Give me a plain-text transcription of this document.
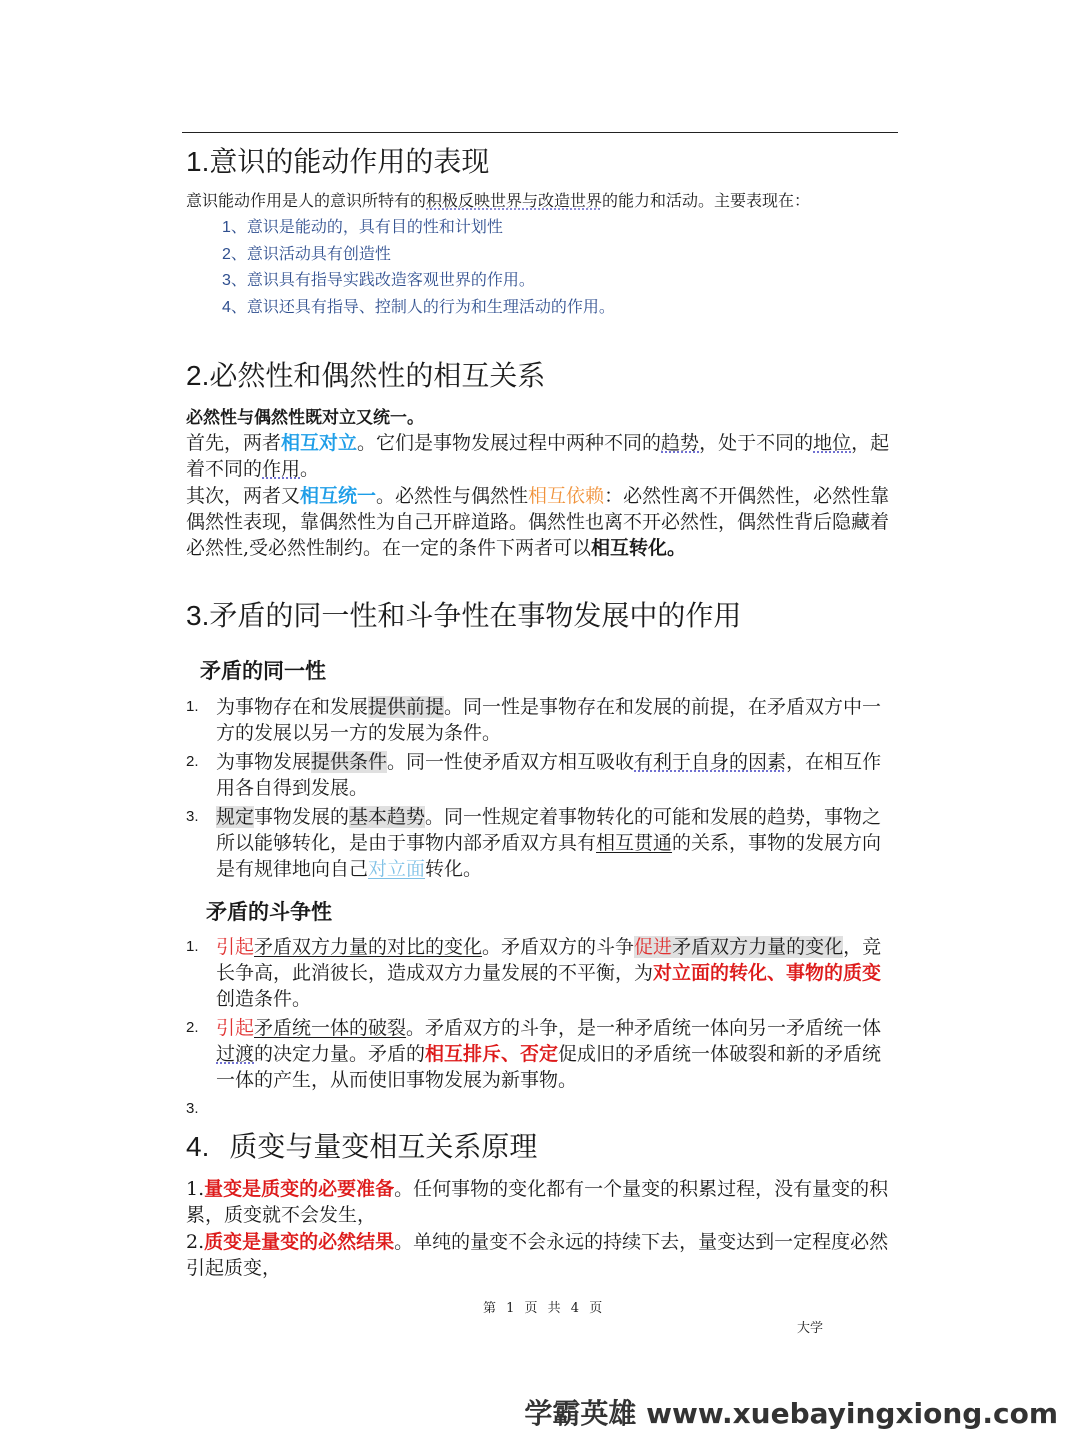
1.意识的能动作用的表现
意识能动作用是人的意识所特有的积极反映世界与改造世界的能力和活动。主要表现在：
1、意识是能动的，具有目的性和计划性
2、意识活动具有创造性
3、意识具有指导实践改造客观世界的作用。
4、意识还具有指导、控制人的行为和生理活动的作用。
2.必然性和偶然性的相互关系
必然性与偶然性既对立又统一。
首先，两者相互对立。它们是事物发展过程中两种不同的趋势，处于不同的地位，起着不同的作用。
其次，两者又相互统一。必然性与偶然性相互依赖：必然性离不开偶然性，必然性靠偶然性表现，靠偶然性为自己开辟道路。偶然性也离不开必然性，偶然性背后隐藏着必然性,受必然性制约。在一定的条件下两者可以相互转化。
3.矛盾的同一性和斗争性在事物发展中的作用
矛盾的同一性
1. 为事物存在和发展提供前提。同一性是事物存在和发展的前提，在矛盾双方中一方的发展以另一方的发展为条件。
2. 为事物发展提供条件。同一性使矛盾双方相互吸收有利于自身的因素，在相互作用各自得到发展。
3. 规定事物发展的基本趋势。同一性规定着事物转化的可能和发展的趋势，事物之所以能够转化，是由于事物内部矛盾双方具有相互贯通的关系，事物的发展方向是有规律地向自己对立面转化。
矛盾的斗争性
1. 引起矛盾双方力量的对比的变化。矛盾双方的斗争促进矛盾双方力量的变化，竞长争高，此消彼长，造成双方力量发展的不平衡，为对立面的转化、事物的质变创造条件。
2. 引起矛盾统一体的破裂。矛盾双方的斗争，是一种矛盾统一体向另一矛盾统一体过渡的决定力量。矛盾的相互排斥、否定促成旧的矛盾统一体破裂和新的矛盾统一体的产生，从而使旧事物发展为新事物。
3.

4. 质变与量变相互关系原理
1.量变是质变的必要准备。任何事物的变化都有一个量变的积累过程，没有量变的积累，质变就不会发生，
2.质变是量变的必然结果。单纯的量变不会永远的持续下去，量变达到一定程度必然引起质变，
第 1 页 共 4 页
大学
学霸英雄 www.xuebayingxiong.com
